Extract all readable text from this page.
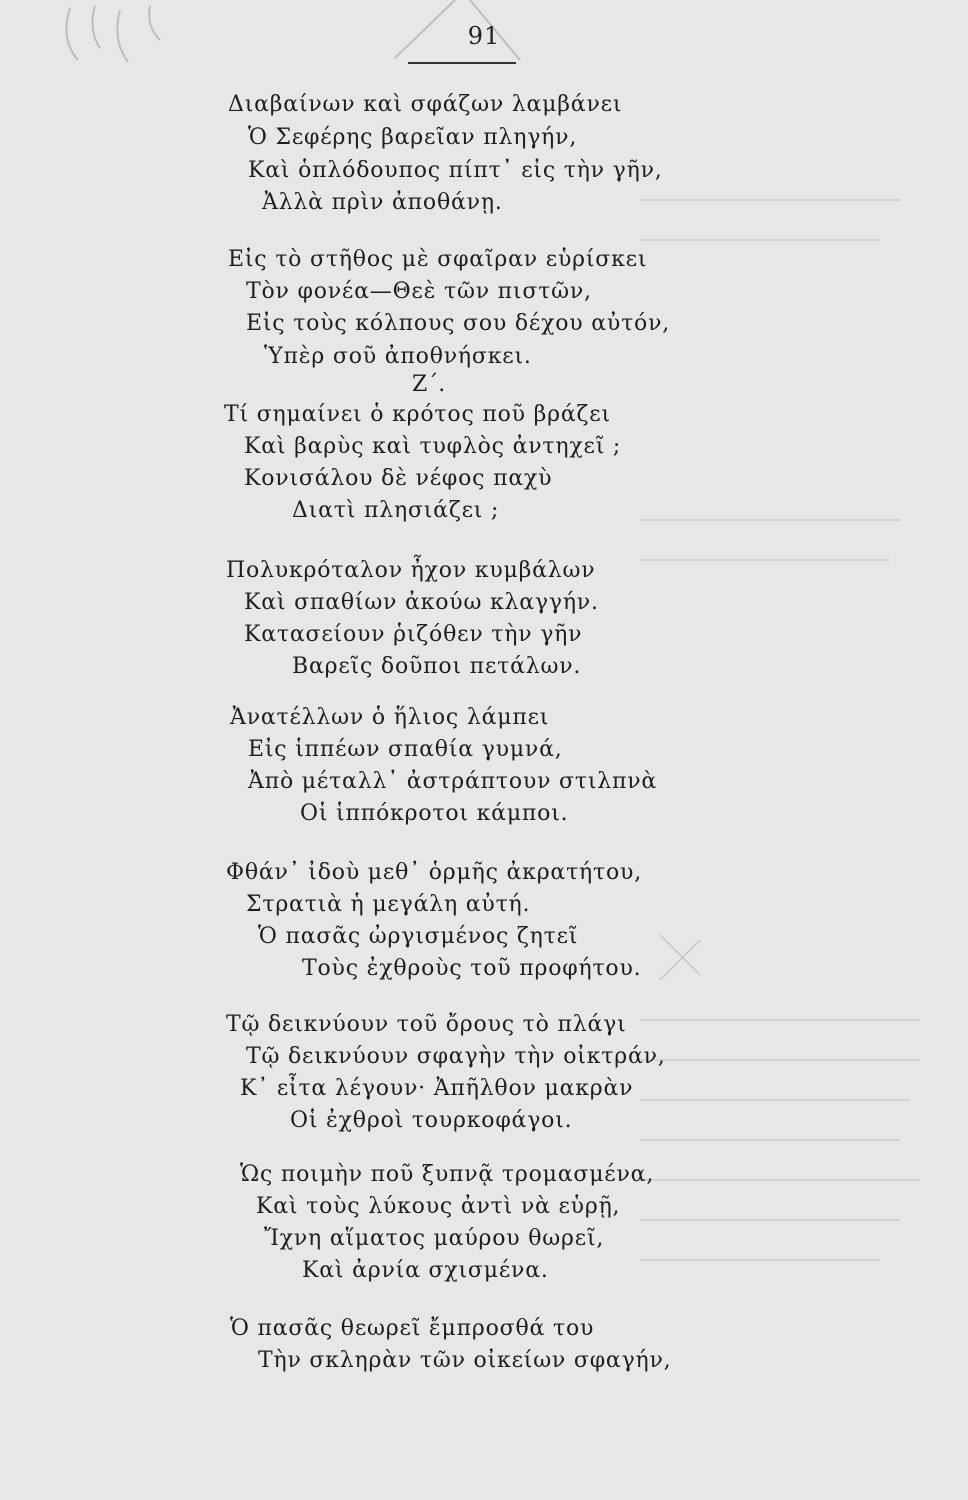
91
Διαβαίνων καὶ σφάζων λαμβάνει
Ὁ Σεφέρης βαρεῖαν πληγήν,
Καὶ ὁπλόδουπος πίπτ᾽ εἰς τὴν γῆν,
Ἀλλὰ πρὶν ἀποθάνῃ.
Εἰς τὸ στῆθος μὲ σφαῖραν εὑρίσκει
Τὸν φονέα—Θεὲ τῶν πιστῶν,
Εἰς τοὺς κόλπους σου δέχου αὐτόν,
Ὑπὲρ σοῦ ἀποθνήσκει.
Ζ΄.
Τί σημαίνει ὁ κρότος ποῦ βράζει
Καὶ βαρὺς καὶ τυφλὸς ἀντηχεῖ ;
Κονισάλου δὲ νέφος παχὺ
Διατὶ πλησιάζει ;
Πολυκρόταλον ἦχον κυμβάλων
Καὶ σπαθίων ἀκούω κλαγγήν.
Κατασείουν ῥιζόθεν τὴν γῆν
Βαρεῖς δοῦποι πετάλων.
Ἀνατέλλων ὁ ἥλιος λάμπει
Εἰς ἱππέων σπαθία γυμνά,
Ἀπὸ μέταλλ᾽ ἀστράπτουν στιλπνὰ
Οἱ ἱππόκροτοι κάμποι.
Φθάν᾽ ἰδοὺ μεθ᾽ ὁρμῆς ἀκρατήτου,
Στρατιὰ ἡ μεγάλη αὐτή.
Ὁ πασᾶς ὠργισμένος ζητεῖ
Τοὺς ἐχθροὺς τοῦ προφήτου.
Τῷ δεικνύουν τοῦ ὄρους τὸ πλάγι
Τῷ δεικνύουν σφαγὴν τὴν οἰκτράν,
Κ᾽ εἶτα λέγουν· Ἀπῆλθον μακρὰν
Οἱ ἐχθροὶ τουρκοφάγοι.
Ὡς ποιμὴν ποῦ ξυπνᾷ τρομασμένα,
Καὶ τοὺς λύκους ἀντὶ νὰ εὑρῇ,
Ἴχνη αἵματος μαύρου θωρεῖ,
Καὶ ἀρνία σχισμένα.
Ὁ πασᾶς θεωρεῖ ἔμπροσθά του
Τὴν σκληρὰν τῶν οἰκείων σφαγήν,
